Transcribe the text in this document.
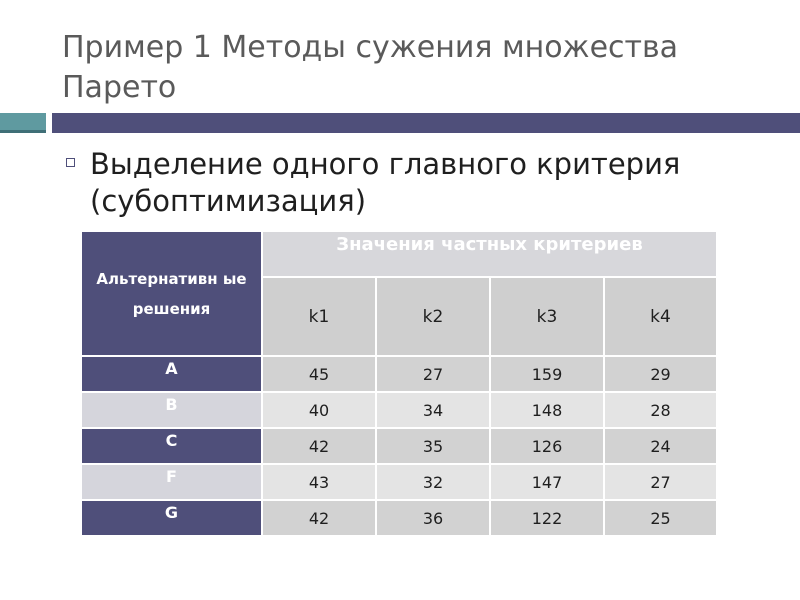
Пример 1 Методы сужения множества Парето
Выделение одного главного критерия (субоптимизация)
Альтернативн ые решения	Значения частных критериев			
	k1	k2	k3	k4
A	45	27	159	29
B	40	34	148	28
C	42	35	126	24
F	43	32	147	27
G	42	36	122	25
